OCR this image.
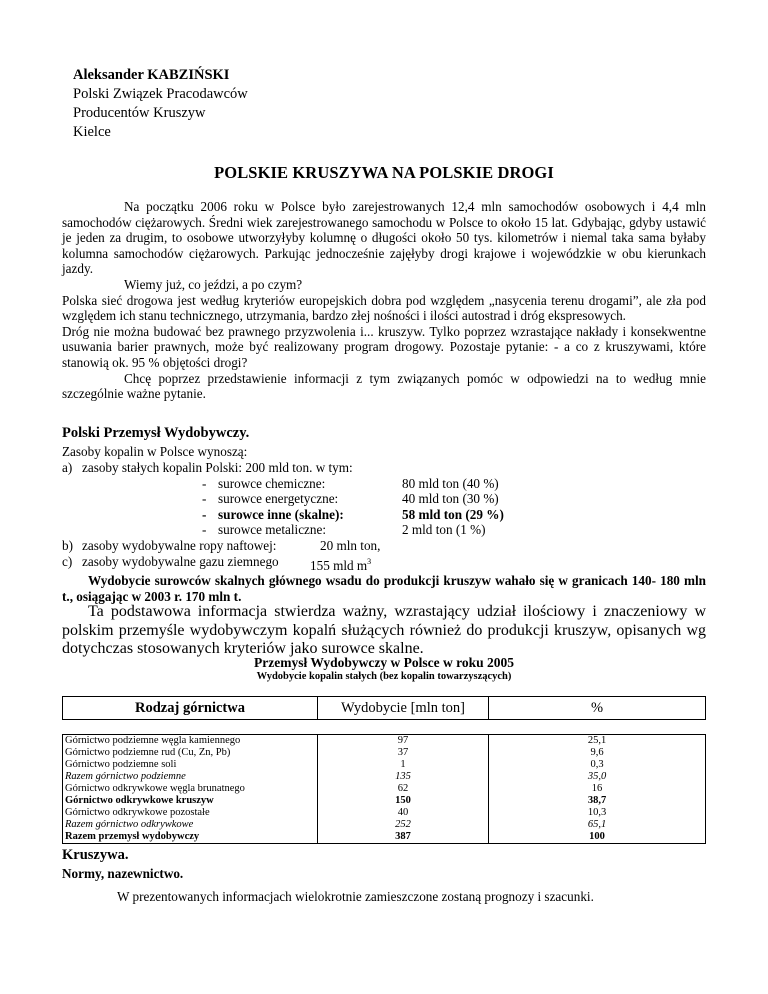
Aleksander KABZIŃSKI
Polski Związek Pracodawców
Producentów Kruszyw
Kielce
POLSKIE KRUSZYWA NA POLSKIE DROGI

Na początku 2006 roku w Polsce było zarejestrowanych 12,4 mln samochodów osobowych i 4,4 mln samochodów ciężarowych. Średni wiek zarejestrowanego samochodu w Polsce to około 15 lat. Gdybając, gdyby ustawić je jeden za drugim, to osobowe utworzyłyby kolumnę o długości około 50 tys. kilometrów i niemal taka sama byłaby kolumna samochodów ciężarowych. Parkując jednocześnie zajęłyby drogi krajowe i wojewódzkie w obu kierunkach jazdy.

Wiemy już, co jeździ, a po czym?

Polska sieć drogowa jest według kryteriów europejskich dobra pod względem „nasycenia terenu drogami”, ale zła pod względem ich stanu technicznego, utrzymania, bardzo złej nośności i ilości autostrad i dróg ekspresowych.

Dróg nie można budować bez prawnego przyzwolenia i... kruszyw. Tylko poprzez wzrastające nakłady i konsekwentne usuwania barier prawnych, może być realizowany program drogowy. Pozostaje pytanie: - a co z kruszywami, które stanowią ok. 95 % objętości drogi?

Chcę poprzez przedstawienie informacji z tym związanych pomóc w odpowiedzi na to według mnie szczególnie ważne pytanie.

Polski Przemysł Wydobywczy.
Zasoby kopalin w Polsce wynoszą:
a) zasoby stałych kopalin Polski: 200 mld ton. w tym:
- surowce chemiczne:	80 mld ton (40 %)
- surowce energetyczne:	40 mld ton (30 %)
- surowce inne (skalne):	58 mld ton (29 %)
- surowce metaliczne:	2 mld ton (1 %)
b) zasoby wydobywalne ropy naftowej:	20 mln ton,
c) zasoby wydobywalne gazu ziemnego 155 mld $m^3$
Wydobycie surowców skalnych głównego wsadu do produkcji kruszyw wahało się w granicach 140- 180 mln t., osiągając w 2003 r. 170 mln t.

Ta podstawowa informacja stwierdza ważny, wzrastający udział ilościowy i znaczeniowy w polskim przemyśle wydobywczym kopalń służących również do produkcji kruszyw, opisanych wg dotychczas stosowanych kryteriów jako surowce skalne.

Przemysł Wydobywczy w Polsce w roku 2005
Wydobycie kopalin stałych (bez kopalin towarzyszących)
Rodzaj górnictwa	Wydobycie [mln ton]	%

Górnictwo podziemne węgla kamiennego	97	25,1
Górnictwo podziemne rud (Cu, Zn, Pb)	37	9,6
Górnictwo podziemne soli	1	0,3
Razem górnictwo podziemne	135	35,0
Górnictwo odkrywkowe węgla brunatnego	62	16
Górnictwo odkrywkowe kruszyw	150	38,7
Górnictwo odkrywkowe pozostałe	40	10,3
Razem górnictwo odkrywkowe	252	65,1
Razem przemysł wydobywczy	387	100
Kruszywa.
Normy, nazewnictwo.
W prezentowanych informacjach wielokrotnie zamieszczone zostaną prognozy i szacunki.
